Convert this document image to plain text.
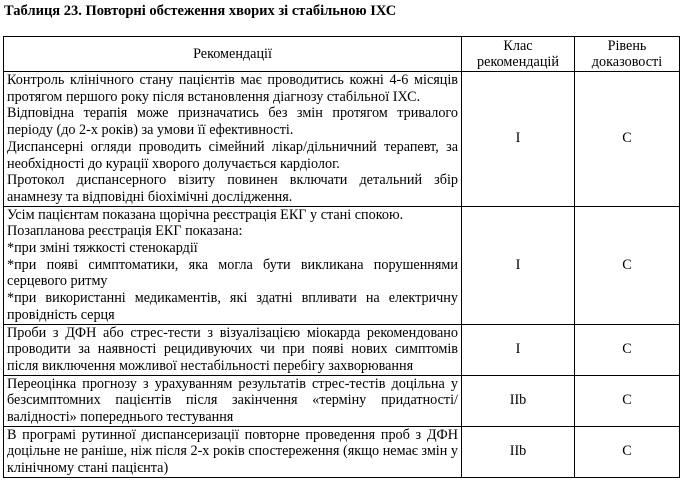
Таблиця 23. Повторні обстеження хворих зі стабільною ІХС
Рекомендації	Клас рекомендацій	Рівень доказовості

Контроль клінічного стану пацієнтів має проводитись кожні 4-6 місяців протягом першого року після встановлення діагнозу стабільної ІХС.

Відповідна терапія може призначатись без змін протягом тривалого періоду (до 2-х років) за умови її ефективності.

Диспансерні огляди проводить сімейний лікар/дільничний терапевт, за необхідності до курації хворого долучається кардіолог.

Протокол диспансерного візиту повинен включати детальний збір анамнезу та відповідні біохімічні дослідження.	I	C

Усім пацієнтам показана щорічна реєстрація ЕКГ у стані спокою.

Позапланова реєстрація ЕКГ показана:

*при зміні тяжкості стенокардії

*при появі симптоматики, яка могла бути викликана порушеннями серцевого ритму

*при використанні медикаментів, які здатні впливати на електричну провідність серця	I	C

Проби з ДФН або стрес-тести з візуалізацією міокарда рекомендовано проводити за наявності рецидивуючих чи при появі нових симптомів після виключення можливої нестабільності перебігу захворювання	I	C

Переоцінка прогнозу з урахуванням результатів стрес-тестів доцільна у безсимптомних пацієнтів після закінчення «терміну придатності/валідності» попереднього тестування	IIb	C

В програмі рутинної диспансеризації повторне проведення проб з ДФН доцільне не раніше, ніж після 2-х років спостереження (якщо немає змін у клінічному стані пацієнта)	IIb	C
